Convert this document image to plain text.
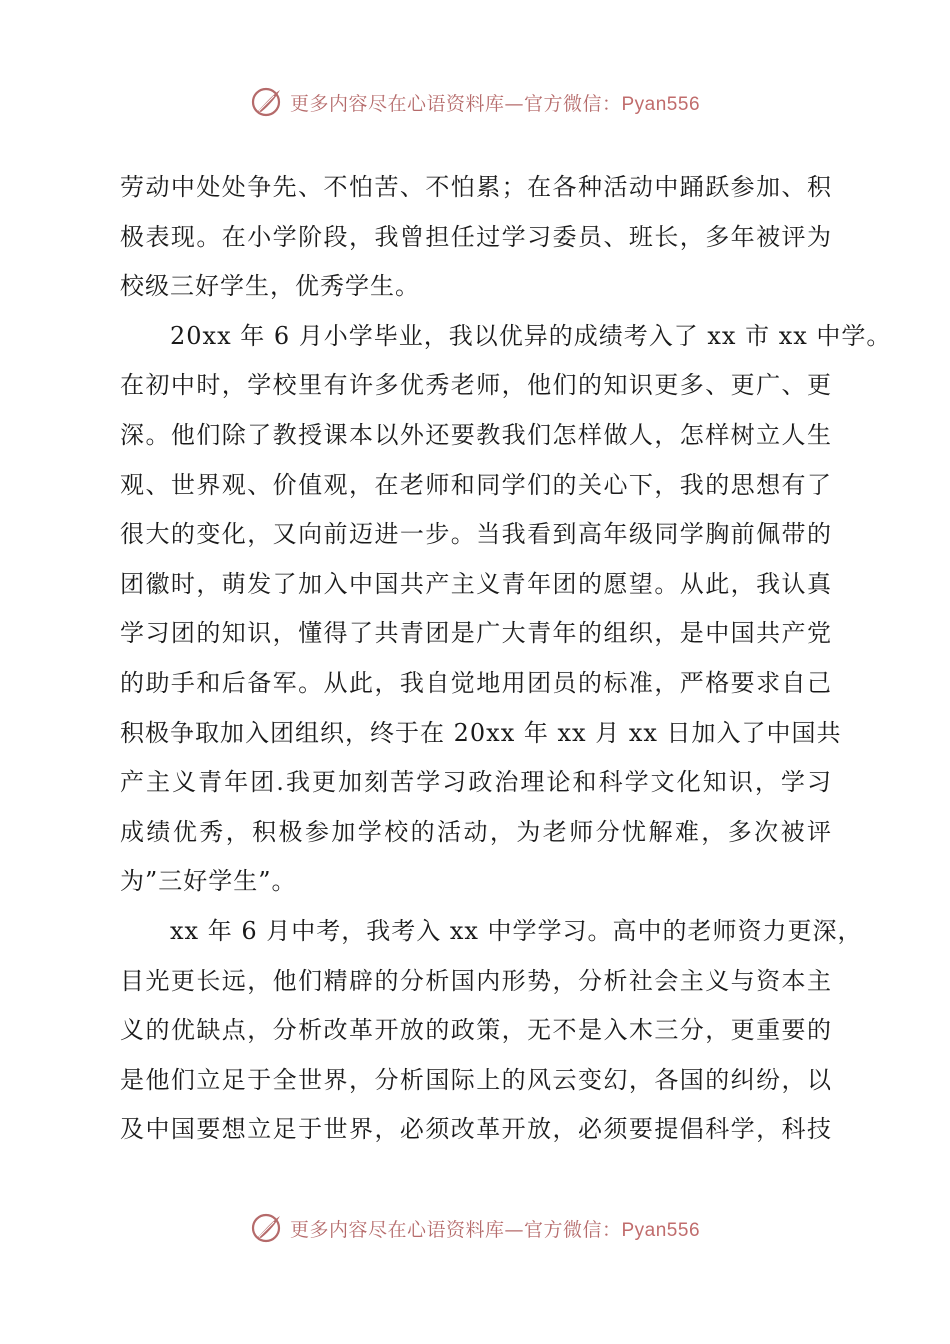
更多内容尽在心语资料库—官方微信：Pyan556
劳动中处处争先、不怕苦、不怕累；在各种活动中踊跃参加、积
极表现。在小学阶段，我曾担任过学习委员、班长，多年被评为
校级三好学生，优秀学生。
20xx 年 6 月小学毕业，我以优异的成绩考入了 xx 市 xx 中学。
在初中时，学校里有许多优秀老师，他们的知识更多、更广、更
深。他们除了教授课本以外还要教我们怎样做人，怎样树立人生
观、世界观、价值观，在老师和同学们的关心下，我的思想有了
很大的变化，又向前迈进一步。当我看到高年级同学胸前佩带的
团徽时，萌发了加入中国共产主义青年团的愿望。从此，我认真
学习团的知识，懂得了共青团是广大青年的组织，是中国共产党
的助手和后备军。从此，我自觉地用团员的标准，严格要求自己
积极争取加入团组织，终于在 20xx 年 xx 月 xx 日加入了中国共
产主义青年团.我更加刻苦学习政治理论和科学文化知识，学习
成绩优秀，积极参加学校的活动，为老师分忧解难，多次被评
为”三好学生”。
xx 年 6 月中考，我考入 xx 中学学习。高中的老师资力更深，
目光更长远，他们精辟的分析国内形势，分析社会主义与资本主
义的优缺点，分析改革开放的政策，无不是入木三分，更重要的
是他们立足于全世界，分析国际上的风云变幻，各国的纠纷，以
及中国要想立足于世界，必须改革开放，必须要提倡科学，科技
更多内容尽在心语资料库—官方微信：Pyan556
